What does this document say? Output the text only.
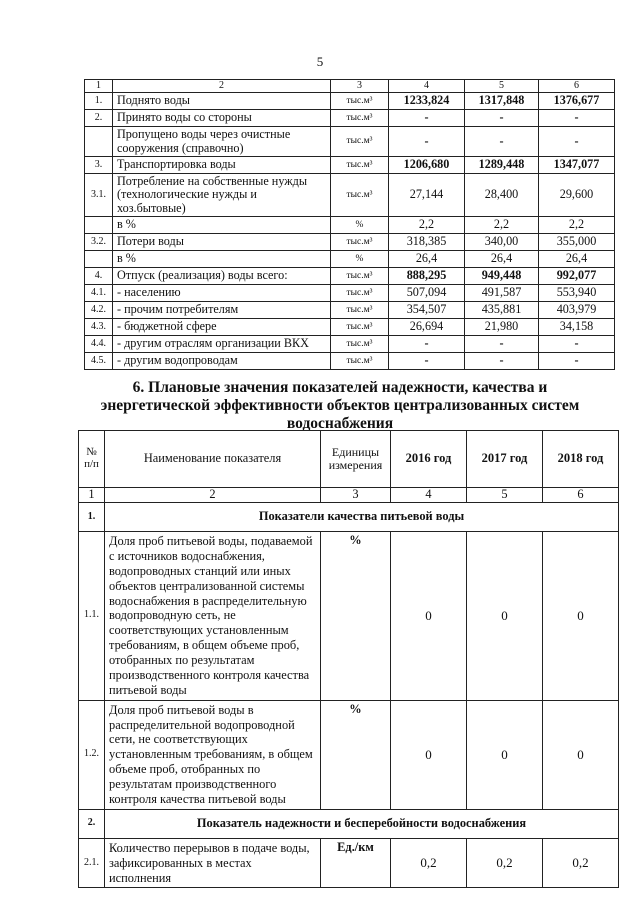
5
1	2	3	4	5	6
1.	Поднято воды	тыс.м³	1233,824	1317,848	1376,677
2.	Принято воды со стороны	тыс.м³	-	-	-
	Пропущено воды через очистные сооружения (справочно)	тыс.м³	-	-	-
3.	Транспортировка воды	тыс.м³	1206,680	1289,448	1347,077
3.1.	Потребление на собственные нужды (технологические нужды и хоз.бытовые)	тыс.м³	27,144	28,400	29,600
	в %	%	2,2	2,2	2,2
3.2.	Потери воды	тыс.м³	318,385	340,00	355,000
	в %	%	26,4	26,4	26,4
4.	Отпуск (реализация) воды всего:	тыс.м³	888,295	949,448	992,077
4.1.	- населению	тыс.м³	507,094	491,587	553,940
4.2.	- прочим потребителям	тыс.м³	354,507	435,881	403,979
4.3.	- бюджетной сфере	тыс.м³	26,694	21,980	34,158
4.4.	- другим отраслям организации ВКХ	тыс.м³	-	-	-
4.5.	- другим водопроводам	тыс.м³	-	-	-
6. Плановые значения показателей надежности, качества и
энергетической эффективности объектов централизованных систем
водоснабжения
№ п/п	Наименование показателя	Единицы измерения	2016 год	2017 год	2018 год
1	2	3	4	5	6
1.	Показатели качества питьевой воды				
1.1.	Доля проб питьевой воды, подаваемой с источников водоснабжения, водопроводных станций или иных объектов централизованной системы водоснабжения в распределительную водопроводную сеть, не соответствующих установленным требованиям, в общем объеме проб, отобранных по результатам производственного контроля качества питьевой воды	%	0	0	0
1.2.	Доля проб питьевой воды в распределительной водопроводной сети, не соответствующих установленным требованиям, в общем объеме проб, отобранных по результатам производственного контроля качества питьевой воды	%	0	0	0
2.	Показатель надежности и бесперебойности водоснабжения				
2.1.	Количество перерывов в подаче воды, зафиксированных в местах исполнения	Ед./км	0,2	0,2	0,2
